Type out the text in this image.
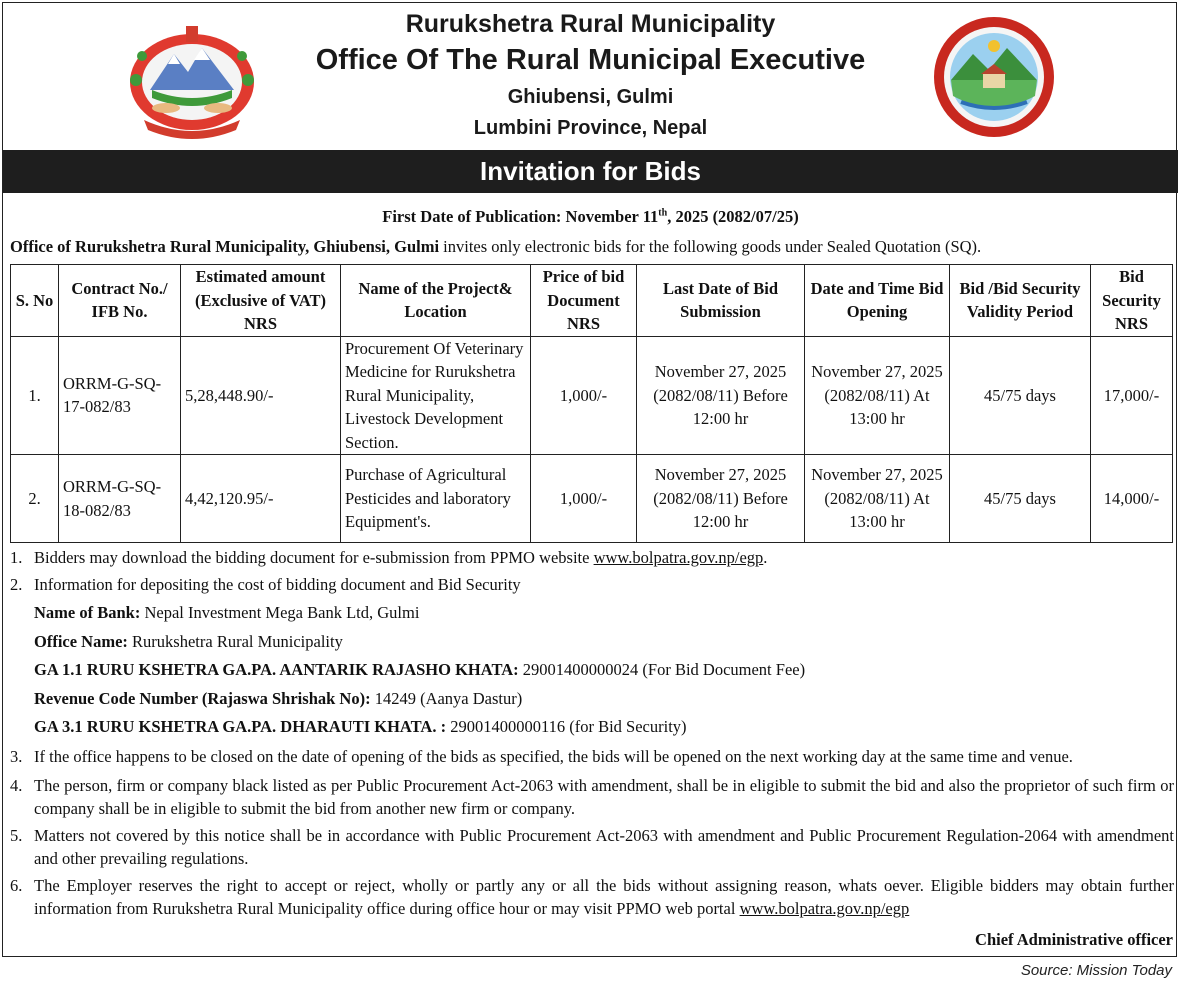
Rurukshetra Rural Municipality
Office Of The Rural Municipal Executive
Ghiubensi, Gulmi
Lumbini Province, Nepal
Invitation for Bids
First Date of Publication: November 11th, 2025 (2082/07/25)
Office of Rurukshetra Rural Municipality, Ghiubensi, Gulmi invites only electronic bids for the following goods under Sealed Quotation (SQ).
S. No	Contract No./ IFB No.	Estimated amount (Exclusive of VAT) NRS	Name of the Project& Location	Price of bid Document NRS	Last Date of Bid Submission	Date and Time Bid Opening	Bid /Bid Security Validity Period	Bid Security NRS
1.	ORRM-G-SQ-17-082/83	5,28,448.90/-	Procurement Of Veterinary Medicine for Rurukshetra Rural Municipality, Livestock Development Section.	1,000/-	November 27, 2025 (2082/08/11) Before 12:00 hr	November 27, 2025 (2082/08/11) At 13:00 hr	45/75 days	17,000/-
2.	ORRM-G-SQ-18-082/83	4,42,120.95/-	Purchase of Agricultural Pesticides and laboratory Equipment's.	1,000/-	November 27, 2025 (2082/08/11) Before 12:00 hr	November 27, 2025 (2082/08/11) At 13:00 hr	45/75 days	14,000/-
1. Bidders may download the bidding document for e-submission from PPMO website www.bolpatra.gov.np/egp.
2. Information for depositing the cost of bidding document and Bid Security
Name of Bank: Nepal Investment Mega Bank Ltd, Gulmi
Office Name: Rurukshetra Rural Municipality
GA 1.1 RURU KSHETRA GA.PA. AANTARIK RAJASHO KHATA: 29001400000024 (For Bid Document Fee)
Revenue Code Number (Rajaswa Shrishak No): 14249 (Aanya Dastur)
GA 3.1 RURU KSHETRA GA.PA. DHARAUTI KHATA. : 29001400000116 (for Bid Security)
3. If the office happens to be closed on the date of opening of the bids as specified, the bids will be opened on the next working day at the same time and venue.
4. The person, firm or company black listed as per Public Procurement Act-2063 with amendment, shall be in eligible to submit the bid and also the proprietor of such firm or company shall be in eligible to submit the bid from another new firm or company.
5. Matters not covered by this notice shall be in accordance with Public Procurement Act-2063 with amendment and Public Procurement Regulation-2064 with amendment and other prevailing regulations.
6. The Employer reserves the right to accept or reject, wholly or partly any or all the bids without assigning reason, whats oever. Eligible bidders may obtain further information from Rurukshetra Rural Municipality office during office hour or may visit PPMO web portal www.bolpatra.gov.np/egp
Chief Administrative officer
Source: Mission Today
